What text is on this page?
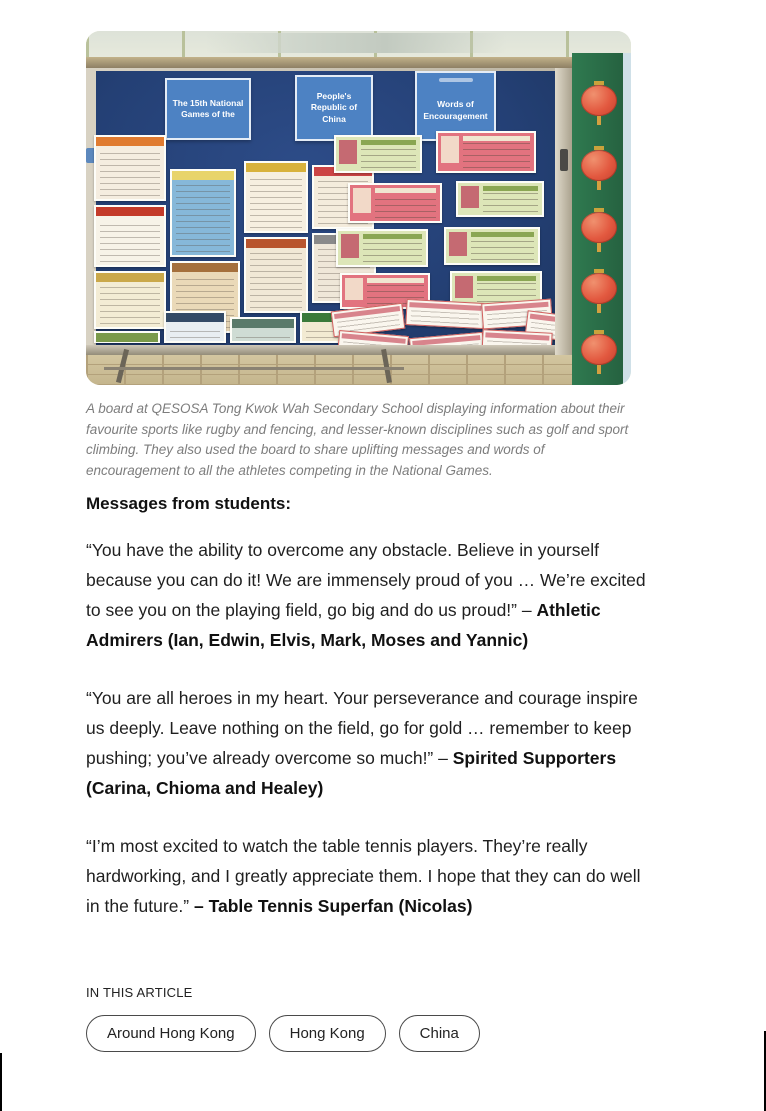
The 15th National Games of the
People's Republic of China
Words of Encouragement

A board at QESOSA Tong Kwok Wah Secondary School displaying information about their favourite sports like rugby and fencing, and lesser-known disciplines such as golf and sport climbing. They also used the board to share uplifting messages and words of encouragement to all the athletes competing in the National Games.

Messages from students:

“You have the ability to overcome any obstacle. Believe in yourself because you can do it! We are immensely proud of you … We’re excited to see you on the playing field, go big and do us proud!” – Athletic Admirers (Ian, Edwin, Elvis, Mark, Moses and Yannic)

“You are all heroes in my heart. Your perseverance and courage inspire us deeply. Leave nothing on the field, go for gold … remember to keep pushing; you’ve already overcome so much!” – Spirited Supporters (Carina, Chioma and Healey)

“I’m most excited to watch the table tennis players. They’re really hardworking, and I greatly appreciate them. I hope that they can do well in the future.” – Table Tennis Superfan (Nicolas)

IN THIS ARTICLE
Around Hong Kong	Hong Kong	China
